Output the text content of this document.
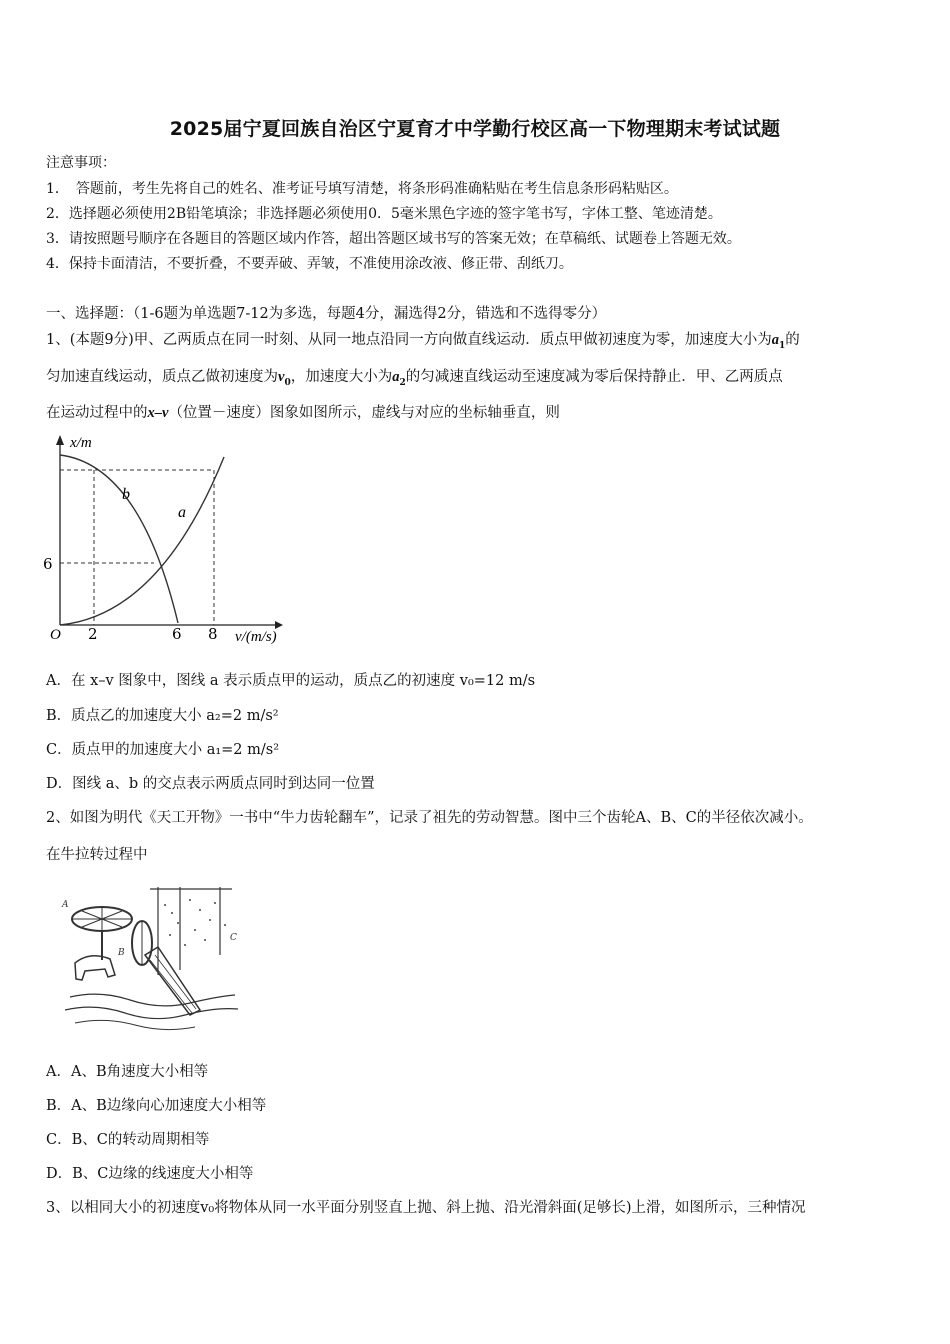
2025届宁夏回族自治区宁夏育才中学勤行校区高一下物理期末考试试题
注意事项：
1．　答题前，考生先将自己的姓名、准考证号填写清楚，将条形码准确粘贴在考生信息条形码粘贴区。
2．选择题必须使用2B铅笔填涂；非选择题必须使用0．5毫米黑色字迹的签字笔书写，字体工整、笔迹清楚。
3．请按照题号顺序在各题目的答题区域内作答，超出答题区域书写的答案无效；在草稿纸、试题卷上答题无效。
4．保持卡面清洁，不要折叠，不要弄破、弄皱，不准使用涂改液、修正带、刮纸刀。
一、选择题：（1-6题为单选题7-12为多选，每题4分，漏选得2分，错选和不选得零分）
1、(本题9分)甲、乙两质点在同一时刻、从同一地点沿同一方向做直线运动．质点甲做初速度为零，加速度大小为$a_1$的
匀加速直线运动，质点乙做初速度为$v_0$，加速度大小为$a_2$的匀减速直线运动至速度减为零后保持静止．甲、乙两质点
在运动过程中的x–v（位置－速度）图象如图所示，虚线与对应的坐标轴垂直，则
x/m
v/(m/s)
O 2	6 8
6
a
b
A．在 x–v 图象中，图线 a 表示质点甲的运动，质点乙的初速度 v₀=12 m/s
B．质点乙的加速度大小 a₂=2 m/s²
C．质点甲的加速度大小 a₁=2 m/s²
D．图线 a、b 的交点表示两质点同时到达同一位置
2、如图为明代《天工开物》一书中“牛力齿轮翻车”，记录了祖先的劳动智慧。图中三个齿轮A、B、C的半径依次减小。
在牛拉转过程中
A
B
C
A．A、B角速度大小相等
B．A、B边缘向心加速度大小相等
C．B、C的转动周期相等
D．B、C边缘的线速度大小相等
3、以相同大小的初速度v₀将物体从同一水平面分别竖直上抛、斜上抛、沿光滑斜面(足够长)上滑，如图所示，三种情况
